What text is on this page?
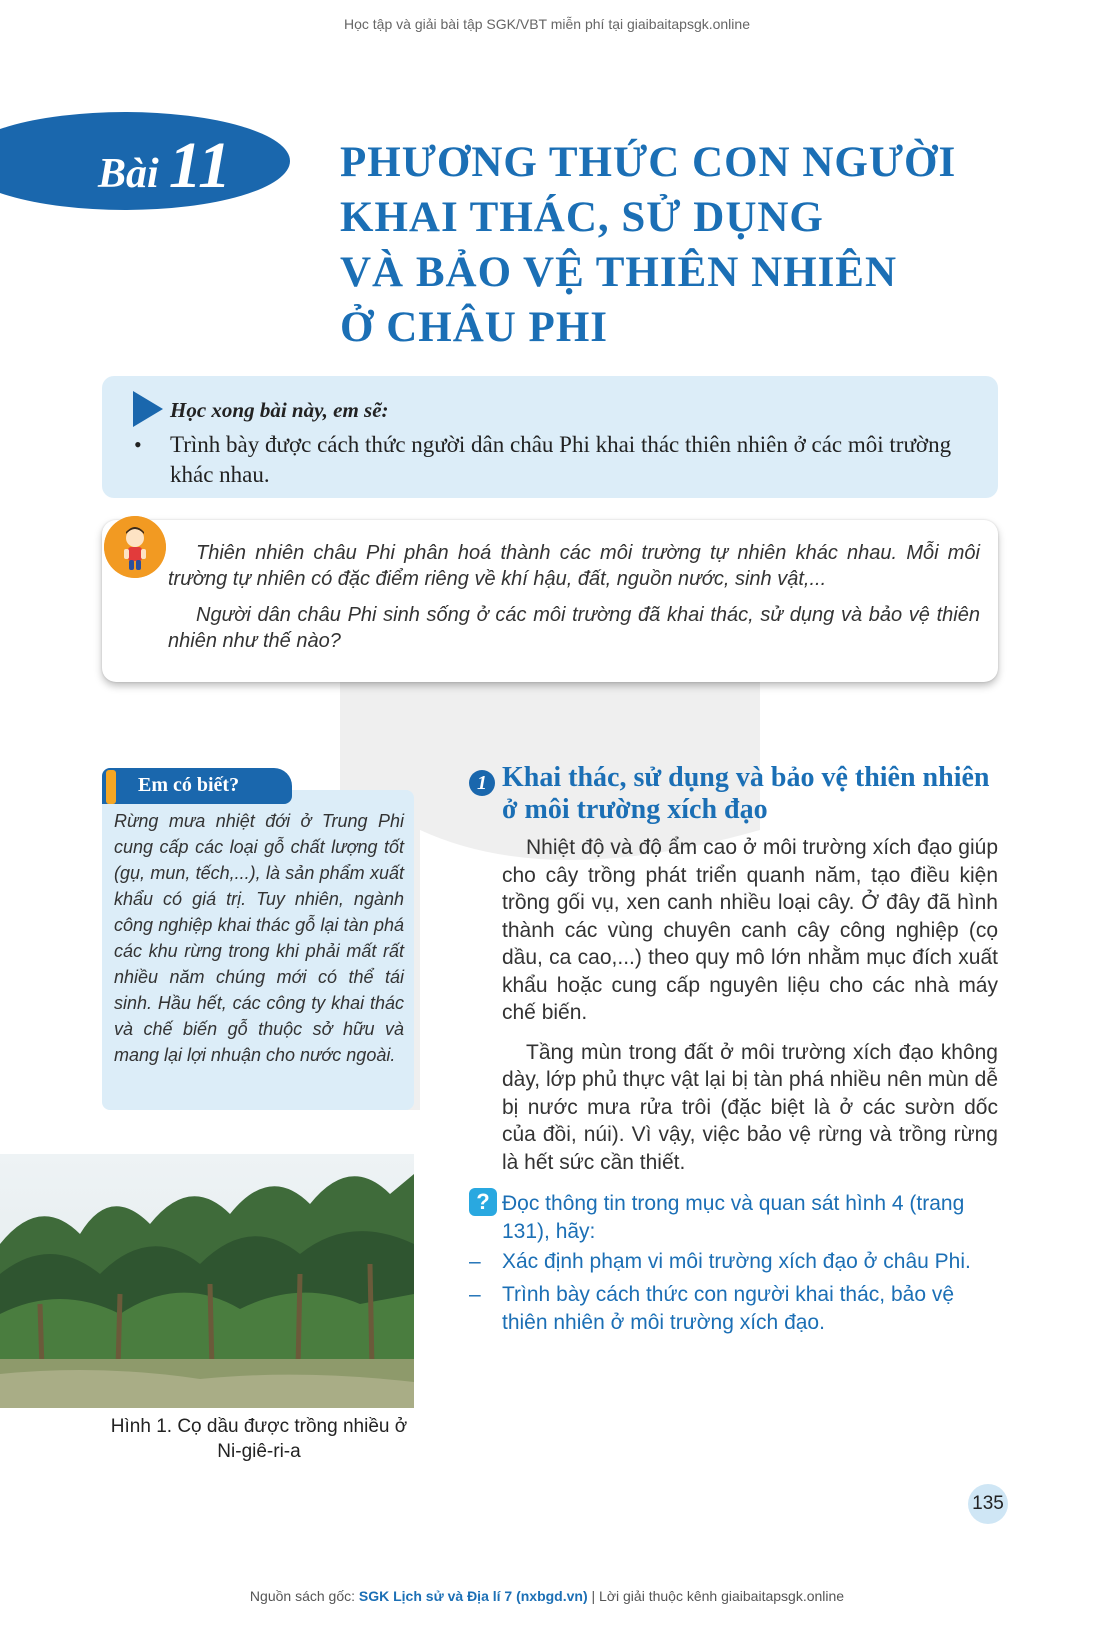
Học tập và giải bài tập SGK/VBT miễn phí tại giaibaitapsgk.online
Bài 11	PHƯƠNG THỨC CON NGƯỜI
KHAI THÁC, SỬ DỤNG
VÀ BẢO VỆ THIÊN NHIÊN
Ở CHÂU PHI
Học xong bài này, em sẽ:
• Trình bày được cách thức người dân châu Phi khai thác thiên nhiên ở các môi trường khác nhau.

Thiên nhiên châu Phi phân hoá thành các môi trường tự nhiên khác nhau. Mỗi môi trường tự nhiên có đặc điểm riêng về khí hậu, đất, nguồn nước, sinh vật,...

Người dân châu Phi sinh sống ở các môi trường đã khai thác, sử dụng và bảo vệ thiên nhiên như thế nào?

Em có biết?
Rừng mưa nhiệt đới ở Trung Phi cung cấp các loại gỗ chất lượng tốt (gụ, mun, tếch,...), là sản phẩm xuất khẩu có giá trị. Tuy nhiên, ngành công nghiệp khai thác gỗ lại tàn phá các khu rừng trong khi phải mất rất nhiều năm chúng mới có thể tái sinh. Hầu hết, các công ty khai thác và chế biến gỗ thuộc sở hữu và mang lại lợi nhuận cho nước ngoài.
Hình 1. Cọ dầu được trồng nhiều ở Ni-giê-ri-a
1 Khai thác, sử dụng và bảo vệ thiên nhiên ở môi trường xích đạo

Nhiệt độ và độ ẩm cao ở môi trường xích đạo giúp cho cây trồng phát triển quanh năm, tạo điều kiện trồng gối vụ, xen canh nhiều loại cây. Ở đây đã hình thành các vùng chuyên canh cây công nghiệp (cọ dầu, ca cao,...) theo quy mô lớn nhằm mục đích xuất khẩu hoặc cung cấp nguyên liệu cho các nhà máy chế biến.

Tầng mùn trong đất ở môi trường xích đạo không dày, lớp phủ thực vật lại bị tàn phá nhiều nên mùn dễ bị nước mưa rửa trôi (đặc biệt là ở các sườn dốc của đồi, núi). Vì vậy, việc bảo vệ rừng và trồng rừng là hết sức cần thiết.

? Đọc thông tin trong mục và quan sát hình 4 (trang 131), hãy:
– Xác định phạm vi môi trường xích đạo ở châu Phi.
– Trình bày cách thức con người khai thác, bảo vệ thiên nhiên ở môi trường xích đạo.
135
Nguồn sách gốc: SGK Lịch sử và Địa lí 7 (nxbgd.vn) | Lời giải thuộc kênh giaibaitapsgk.online
